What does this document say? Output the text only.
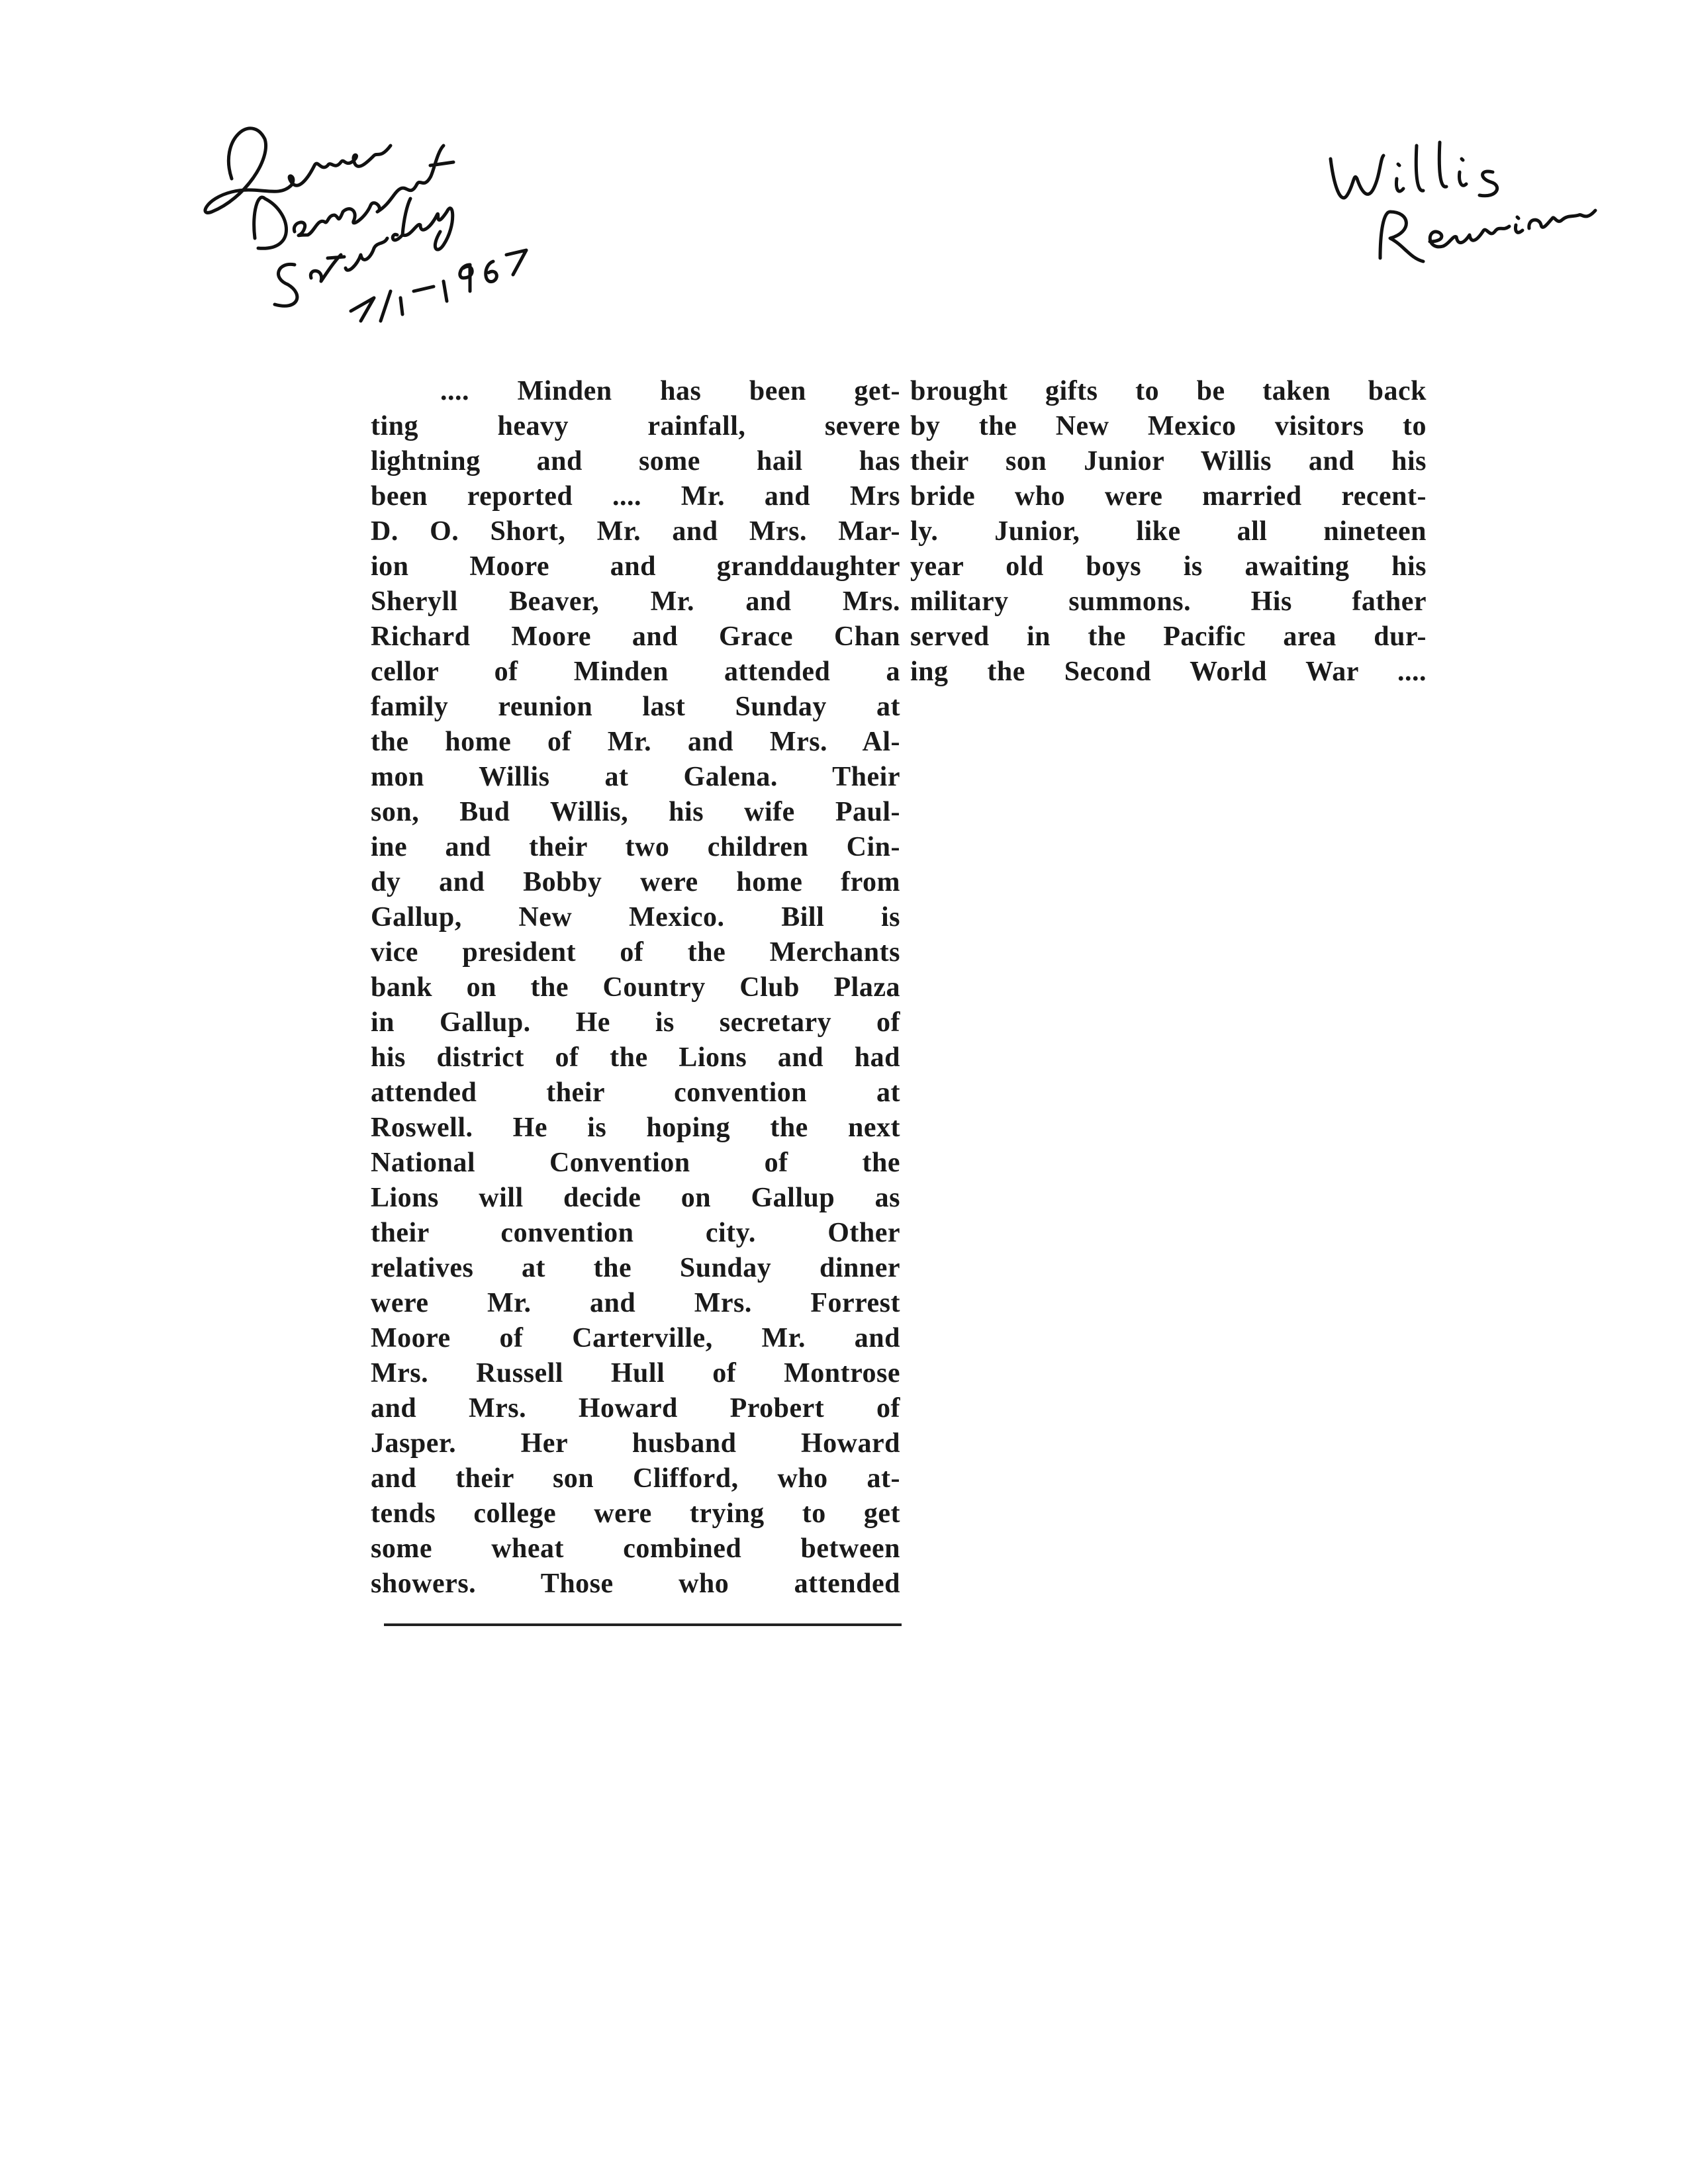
.... Minden has been get-
ting heavy rainfall, severe
lightning and some hail has
been reported .... Mr. and Mrs
D. O. Short, Mr. and Mrs. Mar-
ion Moore and granddaughter
Sheryll Beaver, Mr. and Mrs.
Richard Moore and Grace Chan
cellor of Minden attended a
family reunion last Sunday at
the home of Mr. and Mrs. Al-
mon Willis at Galena. Their
son, Bud Willis, his wife Paul-
ine and their two children Cin-
dy and Bobby were home from
Gallup, New Mexico. Bill is
vice president of the Merchants
bank on the Country Club Plaza
in Gallup. He is secretary of
his district of the Lions and had
attended their convention at
Roswell. He is hoping the next
National Convention of the
Lions will decide on Gallup as
their convention city. Other
relatives at the Sunday dinner
were Mr. and Mrs. Forrest
Moore of Carterville, Mr. and
Mrs. Russell Hull of Montrose
and Mrs. Howard Probert of
Jasper. Her husband Howard
and their son Clifford, who at-
tends college were trying to get
some wheat combined between
showers. Those who attended
brought gifts to be taken back
by the New Mexico visitors to
their son Junior Willis and his
bride who were married recent-
ly. Junior, like all nineteen
year old boys is awaiting his
military summons. His father
served in the Pacific area dur-
ing the Second World War ....
